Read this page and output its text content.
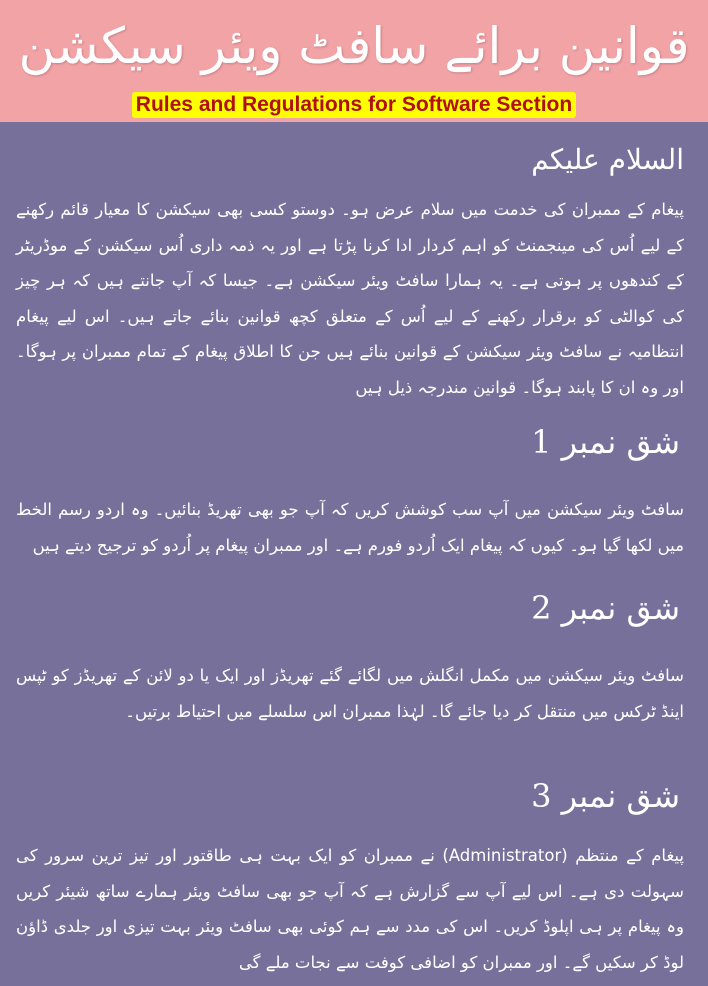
قوانین برائے سافٹ ویئر سیکشن
Rules and Regulations for Software Section
السلام علیکم
پیغام کے ممبران کی خدمت میں سلام عرض ہو۔ دوستو کسی بھی سیکشن کا معیار قائم رکھنے کے لیے اُس کی مینجمنٹ کو اہم کردار ادا کرنا پڑتا ہے اور یہ ذمہ داری اُس سیکشن کے موڈریٹر کے کندھوں پر ہوتی ہے۔ یہ ہمارا سافٹ ویئر سیکشن ہے۔ جیسا کہ آپ جانتے ہیں کہ ہر چیز کی کوالٹی کو برقرار رکھنے کے لیے اُس کے متعلق کچھ قوانین بنائے جاتے ہیں۔ اس لیے پیغام انتظامیہ نے سافٹ ویئر سیکشن کے قوانین بنائے ہیں جن کا اطلاق پیغام کے تمام ممبران پر ہوگا۔ اور وہ ان کا پابند ہوگا۔ قوانین مندرجہ ذیل ہیں
شق نمبر 1
سافٹ ویئر سیکشن میں آپ سب کوشش کریں کہ آپ جو بھی تھریڈ بنائیں۔ وہ اردو رسم الخط میں لکھا گیا ہو۔ کیوں کہ پیغام ایک اُردو فورم ہے۔ اور ممبران پیغام پر اُردو کو ترجیح دیتے ہیں
شق نمبر 2
سافٹ ویئر سیکشن میں مکمل انگلش میں لگائے گئے تھریڈز اور ایک یا دو لائن کے تھریڈز کو ٹپس اینڈ ٹرکس میں منتقل کر دیا جائے گا۔ لہٰذا ممبران اس سلسلے میں احتیاط برتیں۔
شق نمبر 3
پیغام کے منتظم (Administrator) نے ممبران کو ایک بہت ہی طاقتور اور تیز ترین سرور کی سہولت دی ہے۔ اس لیے آپ سے گزارش ہے کہ آپ جو بھی سافٹ ویئر ہمارے ساتھ شیئر کریں وہ پیغام پر ہی اپلوڈ کریں۔ اس کی مدد سے ہم کوئی بھی سافٹ ویئر بہت تیزی اور جلدی ڈاؤن لوڈ کر سکیں گے۔ اور ممبران کو اضافی کوفت سے نجات ملے گی
